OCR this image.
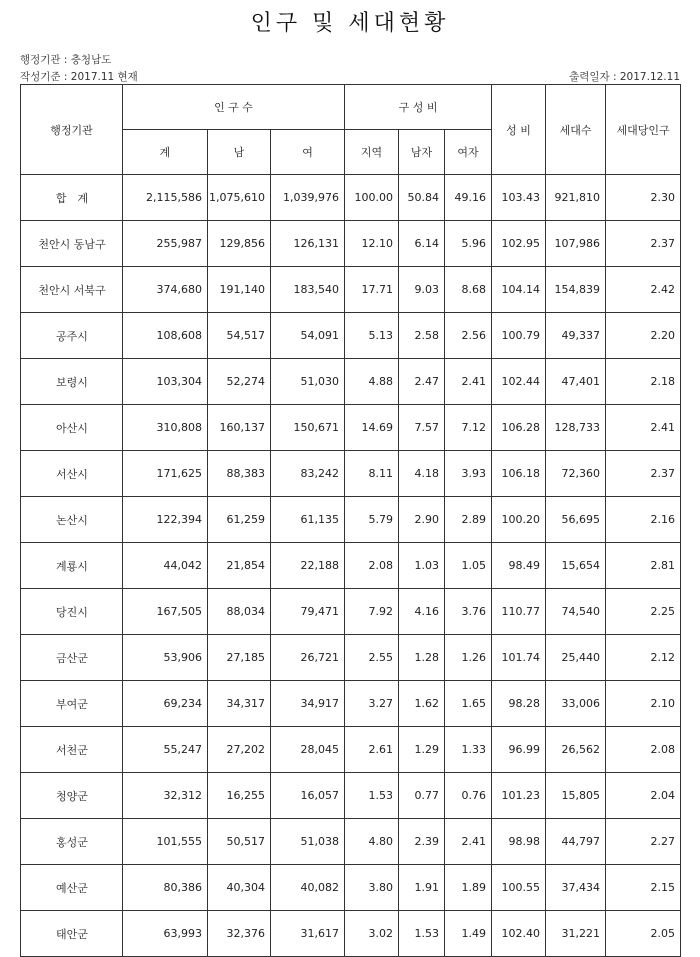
인구 및 세대현황
행정기관 : 충청남도
작성기준 : 2017.11 현재	출력일자 : 2017.12.11
행정기관	인 구 수			구 성 비			성 비	세대수	세대당인구
	계	남	여	지역	남자	여자			
합　계	2,115,586	1,075,610	1,039,976	100.00	50.84	49.16	103.43	921,810	2.30
천안시 동남구	255,987	129,856	126,131	12.10	6.14	5.96	102.95	107,986	2.37
천안시 서북구	374,680	191,140	183,540	17.71	9.03	8.68	104.14	154,839	2.42
공주시	108,608	54,517	54,091	5.13	2.58	2.56	100.79	49,337	2.20
보령시	103,304	52,274	51,030	4.88	2.47	2.41	102.44	47,401	2.18
아산시	310,808	160,137	150,671	14.69	7.57	7.12	106.28	128,733	2.41
서산시	171,625	88,383	83,242	8.11	4.18	3.93	106.18	72,360	2.37
논산시	122,394	61,259	61,135	5.79	2.90	2.89	100.20	56,695	2.16
계룡시	44,042	21,854	22,188	2.08	1.03	1.05	98.49	15,654	2.81
당진시	167,505	88,034	79,471	7.92	4.16	3.76	110.77	74,540	2.25
금산군	53,906	27,185	26,721	2.55	1.28	1.26	101.74	25,440	2.12
부여군	69,234	34,317	34,917	3.27	1.62	1.65	98.28	33,006	2.10
서천군	55,247	27,202	28,045	2.61	1.29	1.33	96.99	26,562	2.08
청양군	32,312	16,255	16,057	1.53	0.77	0.76	101.23	15,805	2.04
홍성군	101,555	50,517	51,038	4.80	2.39	2.41	98.98	44,797	2.27
예산군	80,386	40,304	40,082	3.80	1.91	1.89	100.55	37,434	2.15
태안군	63,993	32,376	31,617	3.02	1.53	1.49	102.40	31,221	2.05
